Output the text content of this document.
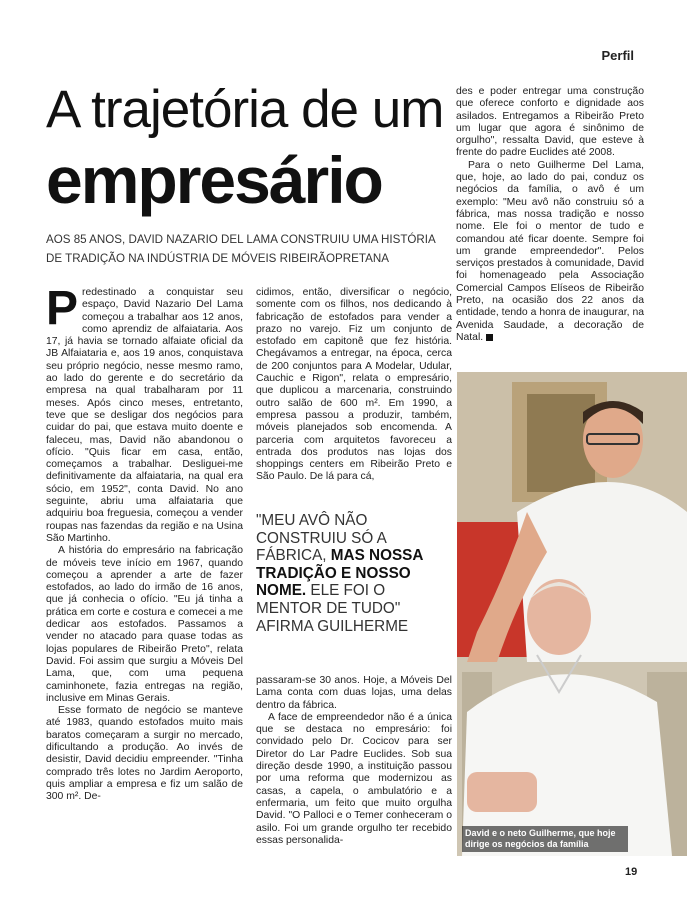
Perfil
A trajetória de um
empresário
AOS 85 ANOS, DAVID NAZARIO DEL LAMA CONSTRUIU UMA HISTÓRIA DE TRADIÇÃO NA INDÚSTRIA DE MÓVEIS RIBEIRÃOPRETANA

Predestinado a conquistar seu espaço, David Nazario Del Lama começou a trabalhar aos 12 anos, como aprendiz de alfaiataria. Aos 17, já havia se tornado alfaiate oficial da JB Alfaiataria e, aos 19 anos, conquistava seu próprio negócio, nesse mesmo ramo, ao lado do gerente e do secretário da empresa na qual trabalharam por 11 meses. Após cinco meses, entretanto, teve que se desligar dos negócios para cuidar do pai, que estava muito doente e faleceu, mas, David não abandonou o ofício. "Quis ficar em casa, então, começamos a trabalhar. Desliguei-me definitivamente da alfaiataria, na qual era sócio, em 1952", conta David. No ano seguinte, abriu uma alfaiataria que adquiriu boa freguesia, começou a vender roupas nas fazendas da região e na Usina São Martinho.

A história do empresário na fabricação de móveis teve início em 1967, quando começou a aprender a arte de fazer estofados, ao lado do irmão de 16 anos, que já conhecia o ofício. "Eu já tinha a prática em corte e costura e comecei a me dedicar aos estofados. Passamos a vender no atacado para quase todas as lojas populares de Ribeirão Preto", relata David. Foi assim que surgiu a Móveis Del Lama, que, com uma pequena caminhonete, fazia entregas na região, inclusive em Minas Gerais.

Esse formato de negócio se manteve até 1983, quando estofados muito mais baratos começaram a surgir no mercado, dificultando a produção. Ao invés de desistir, David decidiu empreender. "Tinha comprado três lotes no Jardim Aeroporto, quis ampliar a empresa e fiz um salão de 300 m². De-

cidimos, então, diversificar o negócio, somente com os filhos, nos dedicando à fabricação de estofados para vender a prazo no varejo. Fiz um conjunto de estofado em capitonê que fez história. Chegávamos a entregar, na época, cerca de 200 conjuntos para A Modelar, Udular, Cauchic e Rigon", relata o empresário, que duplicou a marcenaria, construindo outro salão de 600 m². Em 1990, a empresa passou a produzir, também, móveis planejados sob encomenda. A parceria com arquitetos favoreceu a entrada dos produtos nas lojas dos shoppings centers em Ribeirão Preto e São Paulo. De lá para cá,

"MEU AVÔ NÃO CONSTRUIU SÓ A FÁBRICA, MAS NOSSA TRADIÇÃO E NOSSO NOME. ELE FOI O MENTOR DE TUDO" AFIRMA GUILHERME

passaram-se 30 anos. Hoje, a Móveis Del Lama conta com duas lojas, uma delas dentro da fábrica.

A face de empreendedor não é a única que se destaca no empresário: foi convidado pelo Dr. Cocicov para ser Diretor do Lar Padre Euclides. Sob sua direção desde 1990, a instituição passou por uma reforma que modernizou as casas, a capela, o ambulatório e a enfermaria, um feito que muito orgulha David. "O Palloci e o Temer conheceram o asilo. Foi um grande orgulho ter recebido essas personalida-

des e poder entregar uma construção que oferece conforto e dignidade aos asilados. Entregamos a Ribeirão Preto um lugar que agora é sinônimo de orgulho", ressalta David, que esteve à frente do padre Euclides até 2008.

Para o neto Guilherme Del Lama, que, hoje, ao lado do pai, conduz os negócios da família, o avô é um exemplo: "Meu avô não construiu só a fábrica, mas nossa tradição e nosso nome. Ele foi o mentor de tudo e comandou até ficar doente. Sempre foi um grande empreendedor". Pelos serviços prestados à comunidade, David foi homenageado pela Associação Comercial Campos Elíseos de Ribeirão Preto, na ocasião dos 22 anos da entidade, tendo a honra de inaugurar, na Avenida Saudade, a decoração de Natal.

David e o neto Guilherme, que hoje dirige os negócios da família
19
